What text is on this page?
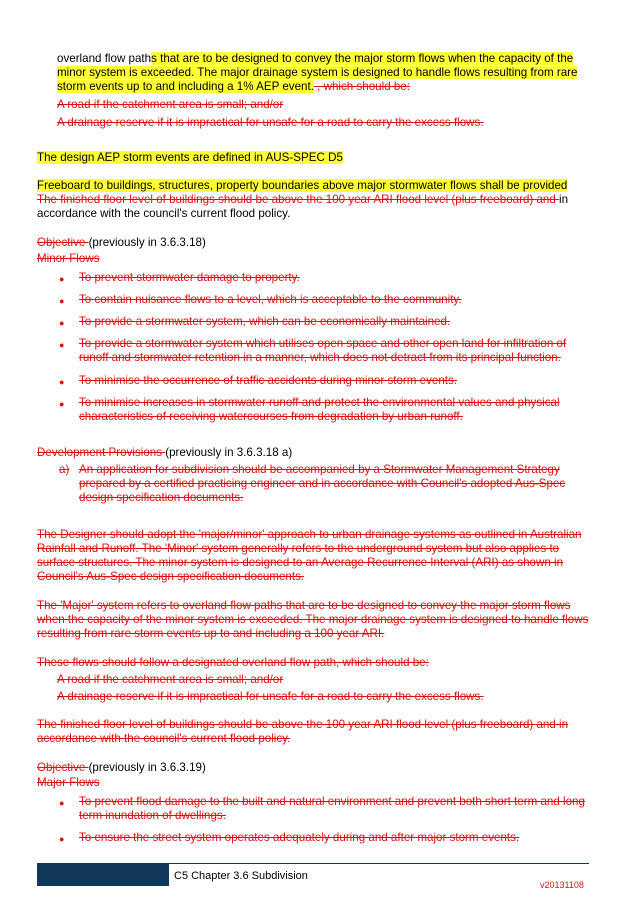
overland flow paths that are to be designed to convey the major storm flows when the capacity of the minor system is exceeded. The major drainage system is designed to handle flows resulting from rare storm events up to and including a 1% AEP event. , which should be:
A road if the catchment area is small; and/or
A drainage reserve if it is impractical for unsafe for a road to carry the excess flows.
The design AEP storm events are defined in AUS-SPEC D5
Freeboard to buildings, structures, property boundaries above major stormwater flows shall be provided
The finished floor level of buildings should be above the 100 year ARI flood level (plus freeboard) and in
accordance with the council's current flood policy.
Objective (previously in 3.6.3.18)
Minor Flows
● To prevent stormwater damage to property.
● To contain nuisance flows to a level, which is acceptable to the community.
● To provide a stormwater system, which can be economically maintained.
● To provide a stormwater system which utilises open space and other open land for infiltration of runoff and stormwater retention in a manner, which does not detract from its principal function.
● To minimise the occurrence of traffic accidents during minor storm events.
● To minimise increases in stormwater runoff and protect the environmental values and physical characteristics of receiving watercourses from degradation by urban runoff.
Development Provisions (previously in 3.6.3.18 a)
a) An application for subdivision should be accompanied by a Stormwater Management Strategy prepared by a certified practicing engineer and in accordance with Council's adopted Aus-Spec design specification documents.
The Designer should adopt the 'major/minor' approach to urban drainage systems as outlined in Australian Rainfall and Runoff. The 'Minor' system generally refers to the underground system but also applies to surface structures. The minor system is designed to an Average Recurrence Interval (ARI) as shown in Council's Aus-Spec design specification documents.
The 'Major' system refers to overland flow paths that are to be designed to convey the major storm flows when the capacity of the minor system is exceeded. The major drainage system is designed to handle flows resulting from rare storm events up to and including a 100 year ARI.
These flows should follow a designated overland flow path, which should be:
A road if the catchment area is small; and/or
A drainage reserve if it is impractical for unsafe for a road to carry the excess flows.
The finished floor level of buildings should be above the 100 year ARI flood level (plus freeboard) and in accordance with the council's current flood policy.
Objective (previously in 3.6.3.19)
Major Flows
● To prevent flood damage to the built and natural environment and prevent both short term and long term inundation of dwellings.
● To ensure the street system operates adequately during and after major storm events.
C5 Chapter 3.6 Subdivision
v20131108
